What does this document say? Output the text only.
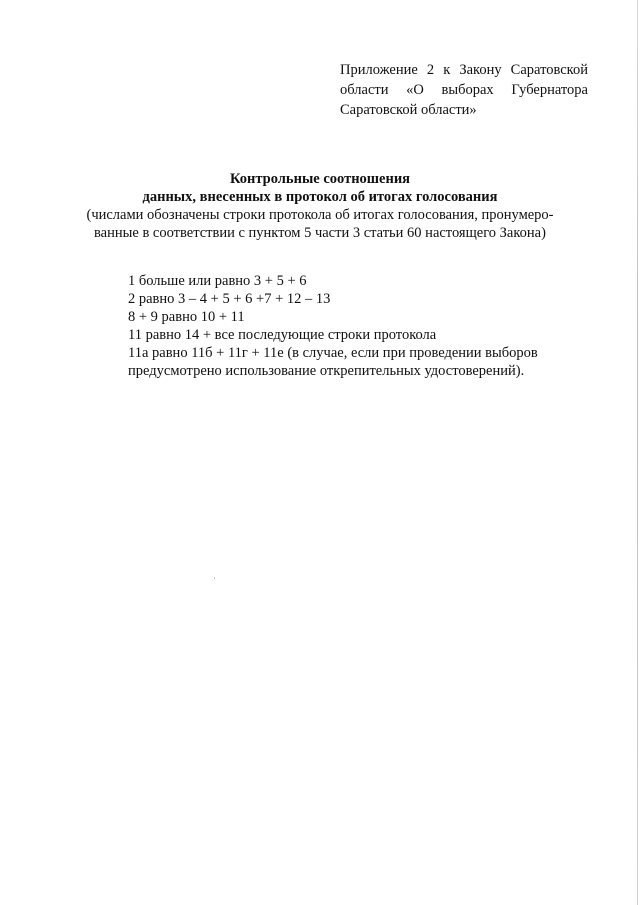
Приложение 2 к Закону Саратовской
области «О выборах Губернатора
Саратовской области»
Контрольные соотношения
данных, внесенных в протокол об итогах голосования
(числами обозначены строки протокола об итогах голосования, пронумеро-
ванные в соответствии с пунктом 5 части 3 статьи 60 настоящего Закона)
1 больше или равно 3 + 5 + 6
2 равно 3 – 4 + 5 + 6 +7 + 12 – 13
8 + 9 равно 10 + 11
11 равно 14 + все последующие строки протокола
11а равно 11б + 11г + 11е (в случае, если при проведении выборов
предусмотрено использование открепительных удостоверений).
